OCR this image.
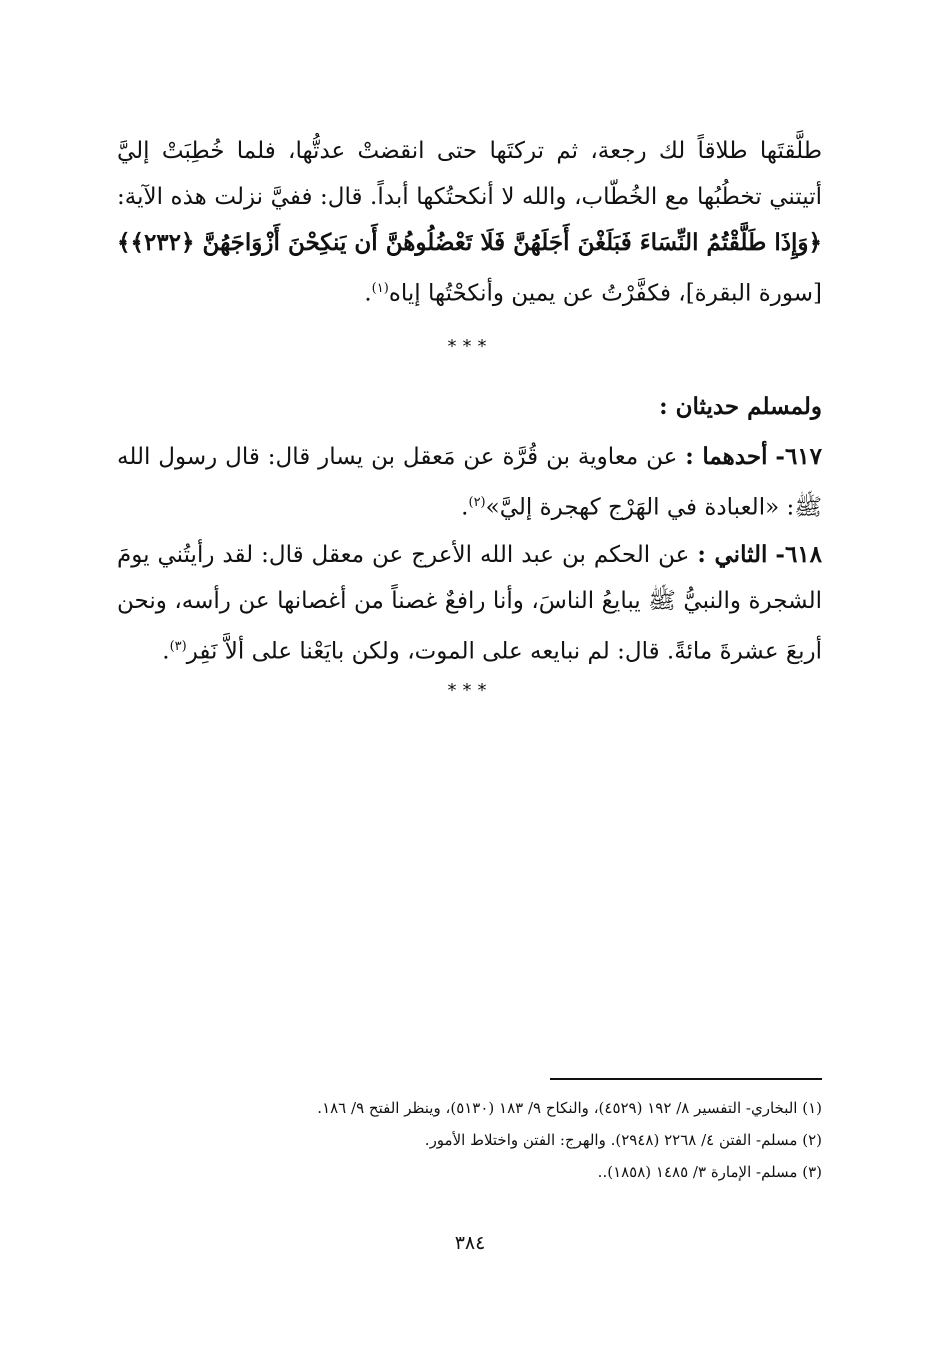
طلَّقتَها طلاقاً لك رجعة، ثم تركتَها حتى انقضتْ عدتُّها، فلما خُطِبَتْ إليَّ أتيتني تخطُبُها مع الخُطّاب، والله لا أنكحتُكها أبداً. قال: ففيَّ نزلت هذه الآية: ﴿وَإِذَا طَلَّقْتُمُ النِّسَاءَ فَبَلَغْنَ أَجَلَهُنَّ فَلَا تَعْضُلُوهُنَّ أَن يَنكِحْنَ أَزْوَاجَهُنَّ ﴿٢٣٢﴾﴾ [سورة البقرة]، فكفَّرْتُ عن يمين وأنكحْتُها إياه$^{(١)}$.
***
ولمسلم حديثان :
٦١٧- أحدهما : عن معاوية بن قُرَّة عن مَعقل بن يسار قال: قال رسول الله ﷺ: «العبادة في الهَرْج كهجرة إليَّ»$^{(٢)}$.
٦١٨- الثاني : عن الحكم بن عبد الله الأعرج عن معقل قال: لقد رأيتُني يومَ الشجرة والنبيُّ ﷺ يبايعُ الناسَ، وأنا رافعٌ غصناً من أغصانها عن رأسه، ونحن أربعَ عشرةَ مائةً. قال: لم نبايعه على الموت، ولكن بايَعْنا على ألاَّ نَفِر$^{(٣)}$.
***
(١) البخاري- التفسير ٨/ ١٩٢ (٤٥٢٩)، والنكاح ٩/ ١٨٣ (٥١٣٠)، وينظر الفتح ٩/ ١٨٦.
(٢) مسلم- الفتن ٤/ ٢٢٦٨ (٢٩٤٨). والهرج: الفتن واختلاط الأمور.
(٣) مسلم- الإمارة ٣/ ١٤٨٥ (١٨٥٨)..
٣٨٤
